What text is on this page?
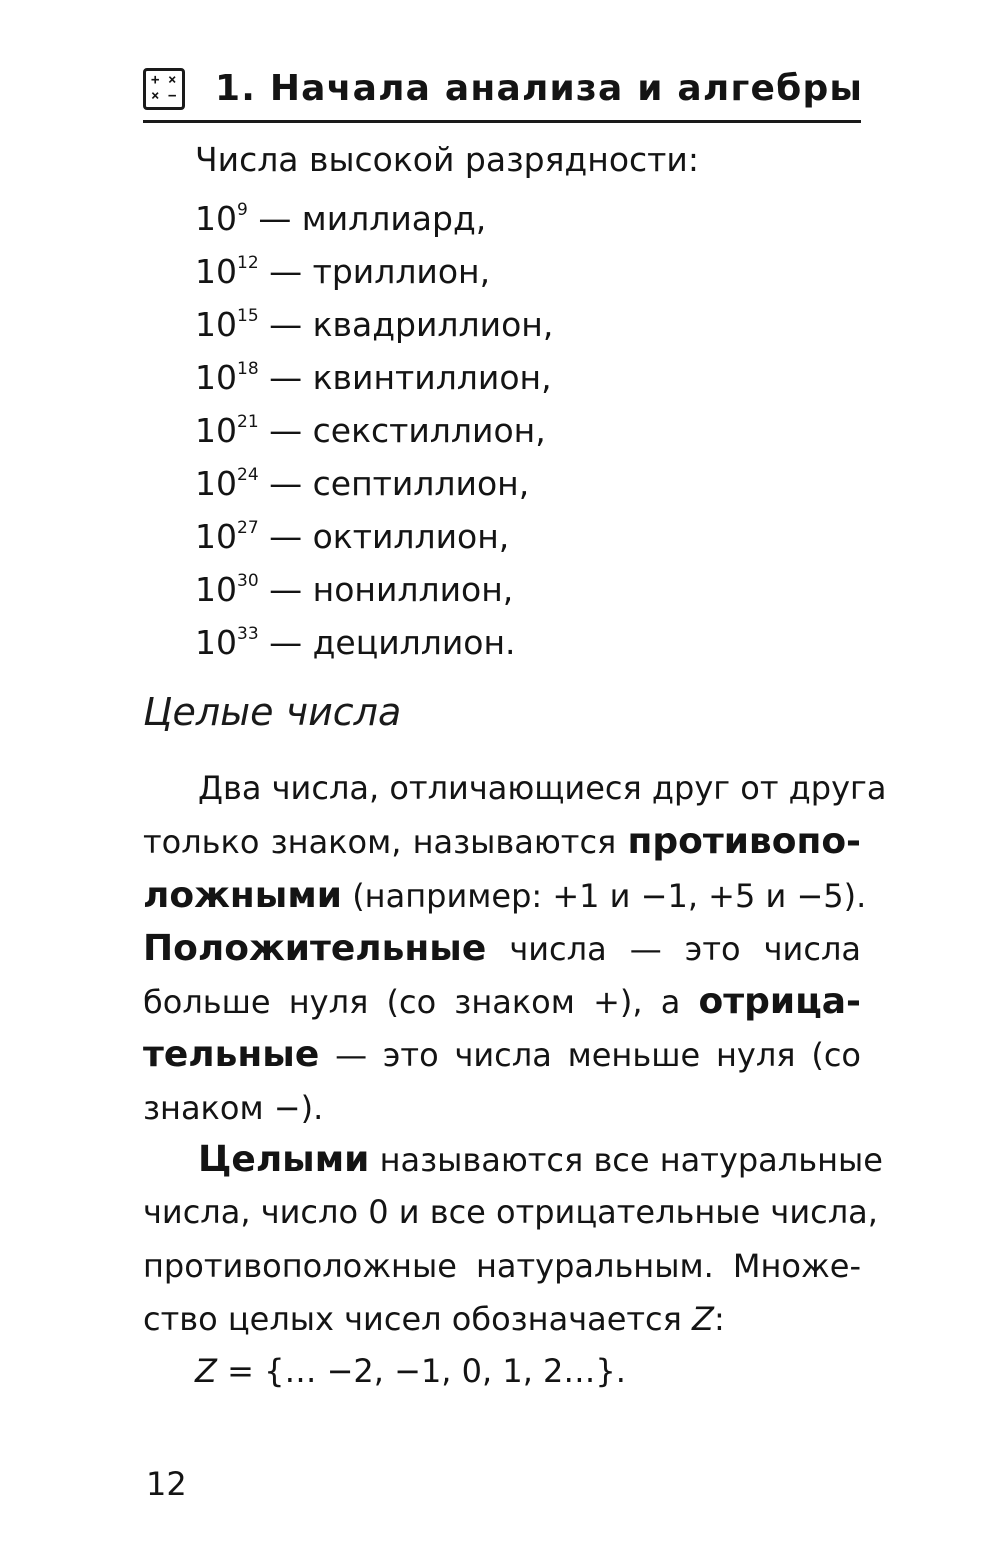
+ ×
× − 1. Начала анализа и алгебры
Числа высокой разрядности:
$10^9$ — миллиард,
$10^{12}$ — триллион,
$10^{15}$ — квадриллион,
$10^{18}$ — квинтиллион,
$10^{21}$ — секстиллион,
$10^{24}$ — септиллион,
$10^{27}$ — октиллион,
$10^{30}$ — нониллион,
$10^{33}$ — дециллион.
Целые числа
Два числа, отличающиеся друг от друга
только знаком, называются противопо-
ложными (например: +1 и −1, +5 и −5).
Положительные числа — это числа
больше нуля (со знаком +), а отрица-
тельные — это числа меньше нуля (со
знаком −).
Целыми называются все натуральные
числа, число 0 и все отрицательные числа,
противоположные натуральным. Множе-
ство целых чисел обозначается Z:
Z = {… −2, −1, 0, 1, 2…}.
12
